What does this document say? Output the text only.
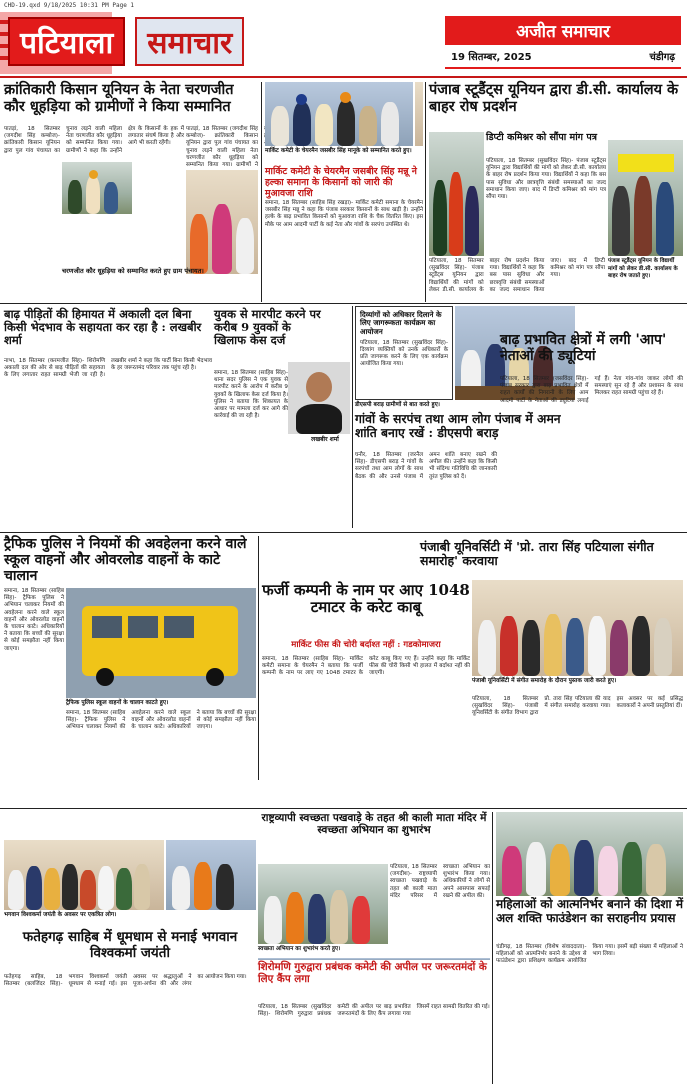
CHD-19.qxd 9/18/2025 10:31 PM Page 1
पटियाला	समाचार	अजीत समाचार
19 सितम्बर, 2025	चंडीगढ़
क्रांतिकारी किसान यूनियन के नेता चरणजीत कौर धूहड़िया को ग्रामीणों ने किया सम्मानित
पातड़ां, 18 सितम्बर (जगदीश सिंह कम्बोज)- क्रांतिकारी किसान यूनियन द्वारा पुल गांव पंचायत का चुनाव लड़ने वाली महिला नेता चरणजीत कौर धूहड़िया को सम्मानित किया गया। ग्रामीणों ने कहा कि उन्होंने क्षेत्र के किसानों के हक में लगातार संघर्ष किया है और आगे भी करती रहेंगी।
चरणजीत कौर धूहड़िया को सम्मानित करते हुए ग्राम पंचायत।
पातड़ां, 18 सितम्बर (जगदीश सिंह कम्बोज)- क्रांतिकारी किसान यूनियन द्वारा पुल गांव पंचायत का चुनाव लड़ने वाली महिला नेता चरणजीत कौर धूहड़िया को सम्मानित किया गया। ग्रामीणों ने
मार्किट कमेटी के चेयरमैन जसबीर सिंह मानूके को सम्मानित करते हुए।
मार्किट कमेटी के चेयरमैन जसबीर सिंह मन्नू ने हल्का समाना के किसानों को जारी की मुआवजा राशि
समाना, 18 सितम्बर (साहिब सिंह रखड़ा)- मार्किट कमेटी समाना के चेयरमैन जसबीर सिंह मन्नू ने कहा कि पंजाब सरकार किसानों के साथ खड़ी है। उन्होंने हल्के के बाढ़ प्रभावित किसानों को मुआवजा राशि के चैक वितरित किए। इस मौके पर आम आदमी पार्टी के कई नेता और गांवों के सरपंच उपस्थित थे।
पंजाब स्टूडैंट्स यूनियन द्वारा डी.सी. कार्यालय के बाहर रोष प्रदर्शन
डिप्टी कमिश्नर को सौंपा मांग पत्र
पटियाला, 18 सितम्बर (सुखविंदर सिंह)- पंजाब स्टूडैंट्स यूनियन द्वारा विद्यार्थियों की मांगों को लेकर डी.सी. कार्यालय के बाहर रोष प्रदर्शन किया गया। विद्यार्थियों ने कहा कि बस पास सुविधा और छात्रवृत्ति संबंधी समस्याओं का जल्द समाधान किया जाए। बाद में डिप्टी कमिश्नर को मांग पत्र सौंपा गया।
पंजाब स्टूडैंट्स यूनियन के विद्यार्थी मांगों को लेकर डी.सी. कार्यालय के बाहर रोष जताते हुए।
पटियाला, 18 सितम्बर (सुखविंदर सिंह)- पंजाब स्टूडैंट्स यूनियन द्वारा विद्यार्थियों की मांगों को लेकर डी.सी. कार्यालय के बाहर रोष प्रदर्शन किया गया। विद्यार्थियों ने कहा कि बस पास सुविधा और छात्रवृत्ति संबंधी समस्याओं का जल्द समाधान किया जाए। बाद में डिप्टी कमिश्नर को मांग पत्र सौंपा गया।
बाढ़ पीड़ितों की हिमायत में अकाली दल बिना किसी भेदभाव के सहायता कर रहा है : लखबीर शर्मा
नाभा, 18 सितम्बर (करमजीत सिंह)- शिरोमणि अकाली दल की ओर से बाढ़ पीड़ितों की सहायता के लिए लगातार राहत सामग्री भेजी जा रही है। लखबीर शर्मा ने कहा कि पार्टी बिना किसी भेदभाव के हर जरूरतमंद परिवार तक पहुंच रही है।
युवक से मारपीट करने पर करीब 9 युवकों के खिलाफ केस दर्ज
समाना, 18 सितम्बर (साहिब सिंह)- थाना सदर पुलिस ने एक युवक से मारपीट करने के आरोप में करीब 9 युवकों के खिलाफ केस दर्ज किया है। पुलिस ने बताया कि शिकायत के आधार पर मामला दर्ज कर आगे की कार्रवाई की जा रही है।
लखबीर शर्मा
दिव्यांगों को अधिकार दिलाने के लिए जागरूकता कार्यक्रम का आयोजन
पटियाला, 18 सितम्बर (सुखविंदर सिंह)- दिव्यांग व्यक्तियों को उनके अधिकारों के प्रति जागरूक करने के लिए एक कार्यक्रम आयोजित किया गया।
बाढ़ प्रभावित क्षेत्रों में लगी 'आप' नेताओं की ड्यूटियां
पटियाला, 18 सितम्बर (जसविंदर सिंह)- पंजाब सरकार द्वारा बाढ़ प्रभावित क्षेत्रों में राहत कार्यों की निगरानी के लिए आम आदमी पार्टी के नेताओं की ड्यूटियां लगाई गई हैं। नेता गांव-गांव जाकर लोगों की समस्याएं सुन रहे हैं और प्रशासन के साथ मिलकर राहत सामग्री पहुंचा रहे हैं।
डीएसपी बराड़ ग्रामीणों से बात करते हुए।
गांवों के सरपंच तथा आम लोग पंजाब में अमन शांति बनाए रखें : डीएसपी बराड़
घनौर, 18 सितम्बर (जरनैल सिंह)- डीएसपी बराड़ ने गांवों के सरपंचों तथा आम लोगों के साथ बैठक की और उनसे पंजाब में अमन शांति बनाए रखने की अपील की। उन्होंने कहा कि किसी भी संदिग्ध गतिविधि की जानकारी तुरंत पुलिस को दें।
ट्रैफिक पुलिस ने नियमों की अवहेलना करने वाले स्कूल वाहनों और ओवरलोड वाहनों के काटे चालान
समाना, 18 सितम्बर (साहिब सिंह)- ट्रैफिक पुलिस ने अभियान चलाकर नियमों की अवहेलना करने वाले स्कूल वाहनों और ओवरलोड वाहनों के चालान काटे। अधिकारियों ने बताया कि बच्चों की सुरक्षा से कोई समझौता नहीं किया जाएगा।
ट्रैफिक पुलिस स्कूल वाहनों के चालान काटते हुए।
समाना, 18 सितम्बर (साहिब सिंह)- ट्रैफिक पुलिस ने अभियान चलाकर नियमों की अवहेलना करने वाले स्कूल वाहनों और ओवरलोड वाहनों के चालान काटे। अधिकारियों ने बताया कि बच्चों की सुरक्षा से कोई समझौता नहीं किया जाएगा।
फर्जी कम्पनी के नाम पर आए 1048 टमाटर के करेट काबू
मार्किट फीस की चोरी बर्दाश्त नहीं : गडकोमाजरा
समाना, 18 सितम्बर (साहिब सिंह)- मार्किट कमेटी समाना के चेयरमैन ने बताया कि फर्जी कम्पनी के नाम पर लाए गए 1048 टमाटर के करेट काबू किए गए हैं। उन्होंने कहा कि मार्किट फीस की चोरी किसी भी हालत में बर्दाश्त नहीं की जाएगी।
पंजाबी यूनिवर्सिटी में 'प्रो. तारा सिंह पटियाला संगीत समारोह' करवाया
पंजाबी यूनिवर्सिटी में संगीत समारोह के दौरान पुस्तक जारी करते हुए।
पटियाला, 18 सितम्बर (सुखविंदर सिंह)- पंजाबी यूनिवर्सिटी के संगीत विभाग द्वारा प्रो. तारा सिंह पटियाला की याद में संगीत समारोह करवाया गया। इस अवसर पर कई प्रसिद्ध कलाकारों ने अपनी प्रस्तुतियां दीं।
राष्ट्रव्यापी स्वच्छता पखवाड़े के तहत श्री काली माता मंदिर में स्वच्छता अभियान का शुभारंभ
स्वच्छता अभियान का शुभारंभ करते हुए।
पटियाला, 18 सितम्बर (जगदीश)- राष्ट्रव्यापी स्वच्छता पखवाड़े के तहत श्री काली माता मंदिर परिसर में स्वच्छता अभियान का शुभारंभ किया गया। अधिकारियों ने लोगों से अपने आसपास सफाई रखने की अपील की।
भगवान विश्वकर्मा जयंती के अवसर पर एकत्रित लोग।
फतेहगढ़ साहिब में धूमधाम से मनाई भगवान विश्वकर्मा जयंती
फतेहगढ़ साहिब, 18 सितम्बर (बलजिंदर सिंह)- भगवान विश्वकर्मा जयंती धूमधाम से मनाई गई। इस अवसर पर श्रद्धालुओं ने पूजा-अर्चना की और लंगर का आयोजन किया गया।
शिरोमणि गुरुद्वारा प्रबंधक कमेटी की अपील पर जरूरतमंदों के लिए कैंप लगा
पटियाला, 18 सितम्बर (सुखविंदर सिंह)- शिरोमणि गुरुद्वारा प्रबंधक कमेटी की अपील पर बाढ़ प्रभावित जरूरतमंदों के लिए कैंप लगाया गया जिसमें राहत सामग्री वितरित की गई।
महिलाओं को आत्मनिर्भर बनाने की दिशा में अल शक्ति फाउंडेशन का सराहनीय प्रयास
चंडीगढ़, 18 सितम्बर (विशेष संवाददाता)- महिलाओं को आत्मनिर्भर बनाने के उद्देश्य से फाउंडेशन द्वारा प्रशिक्षण कार्यक्रम आयोजित किया गया। इसमें बड़ी संख्या में महिलाओं ने भाग लिया।
